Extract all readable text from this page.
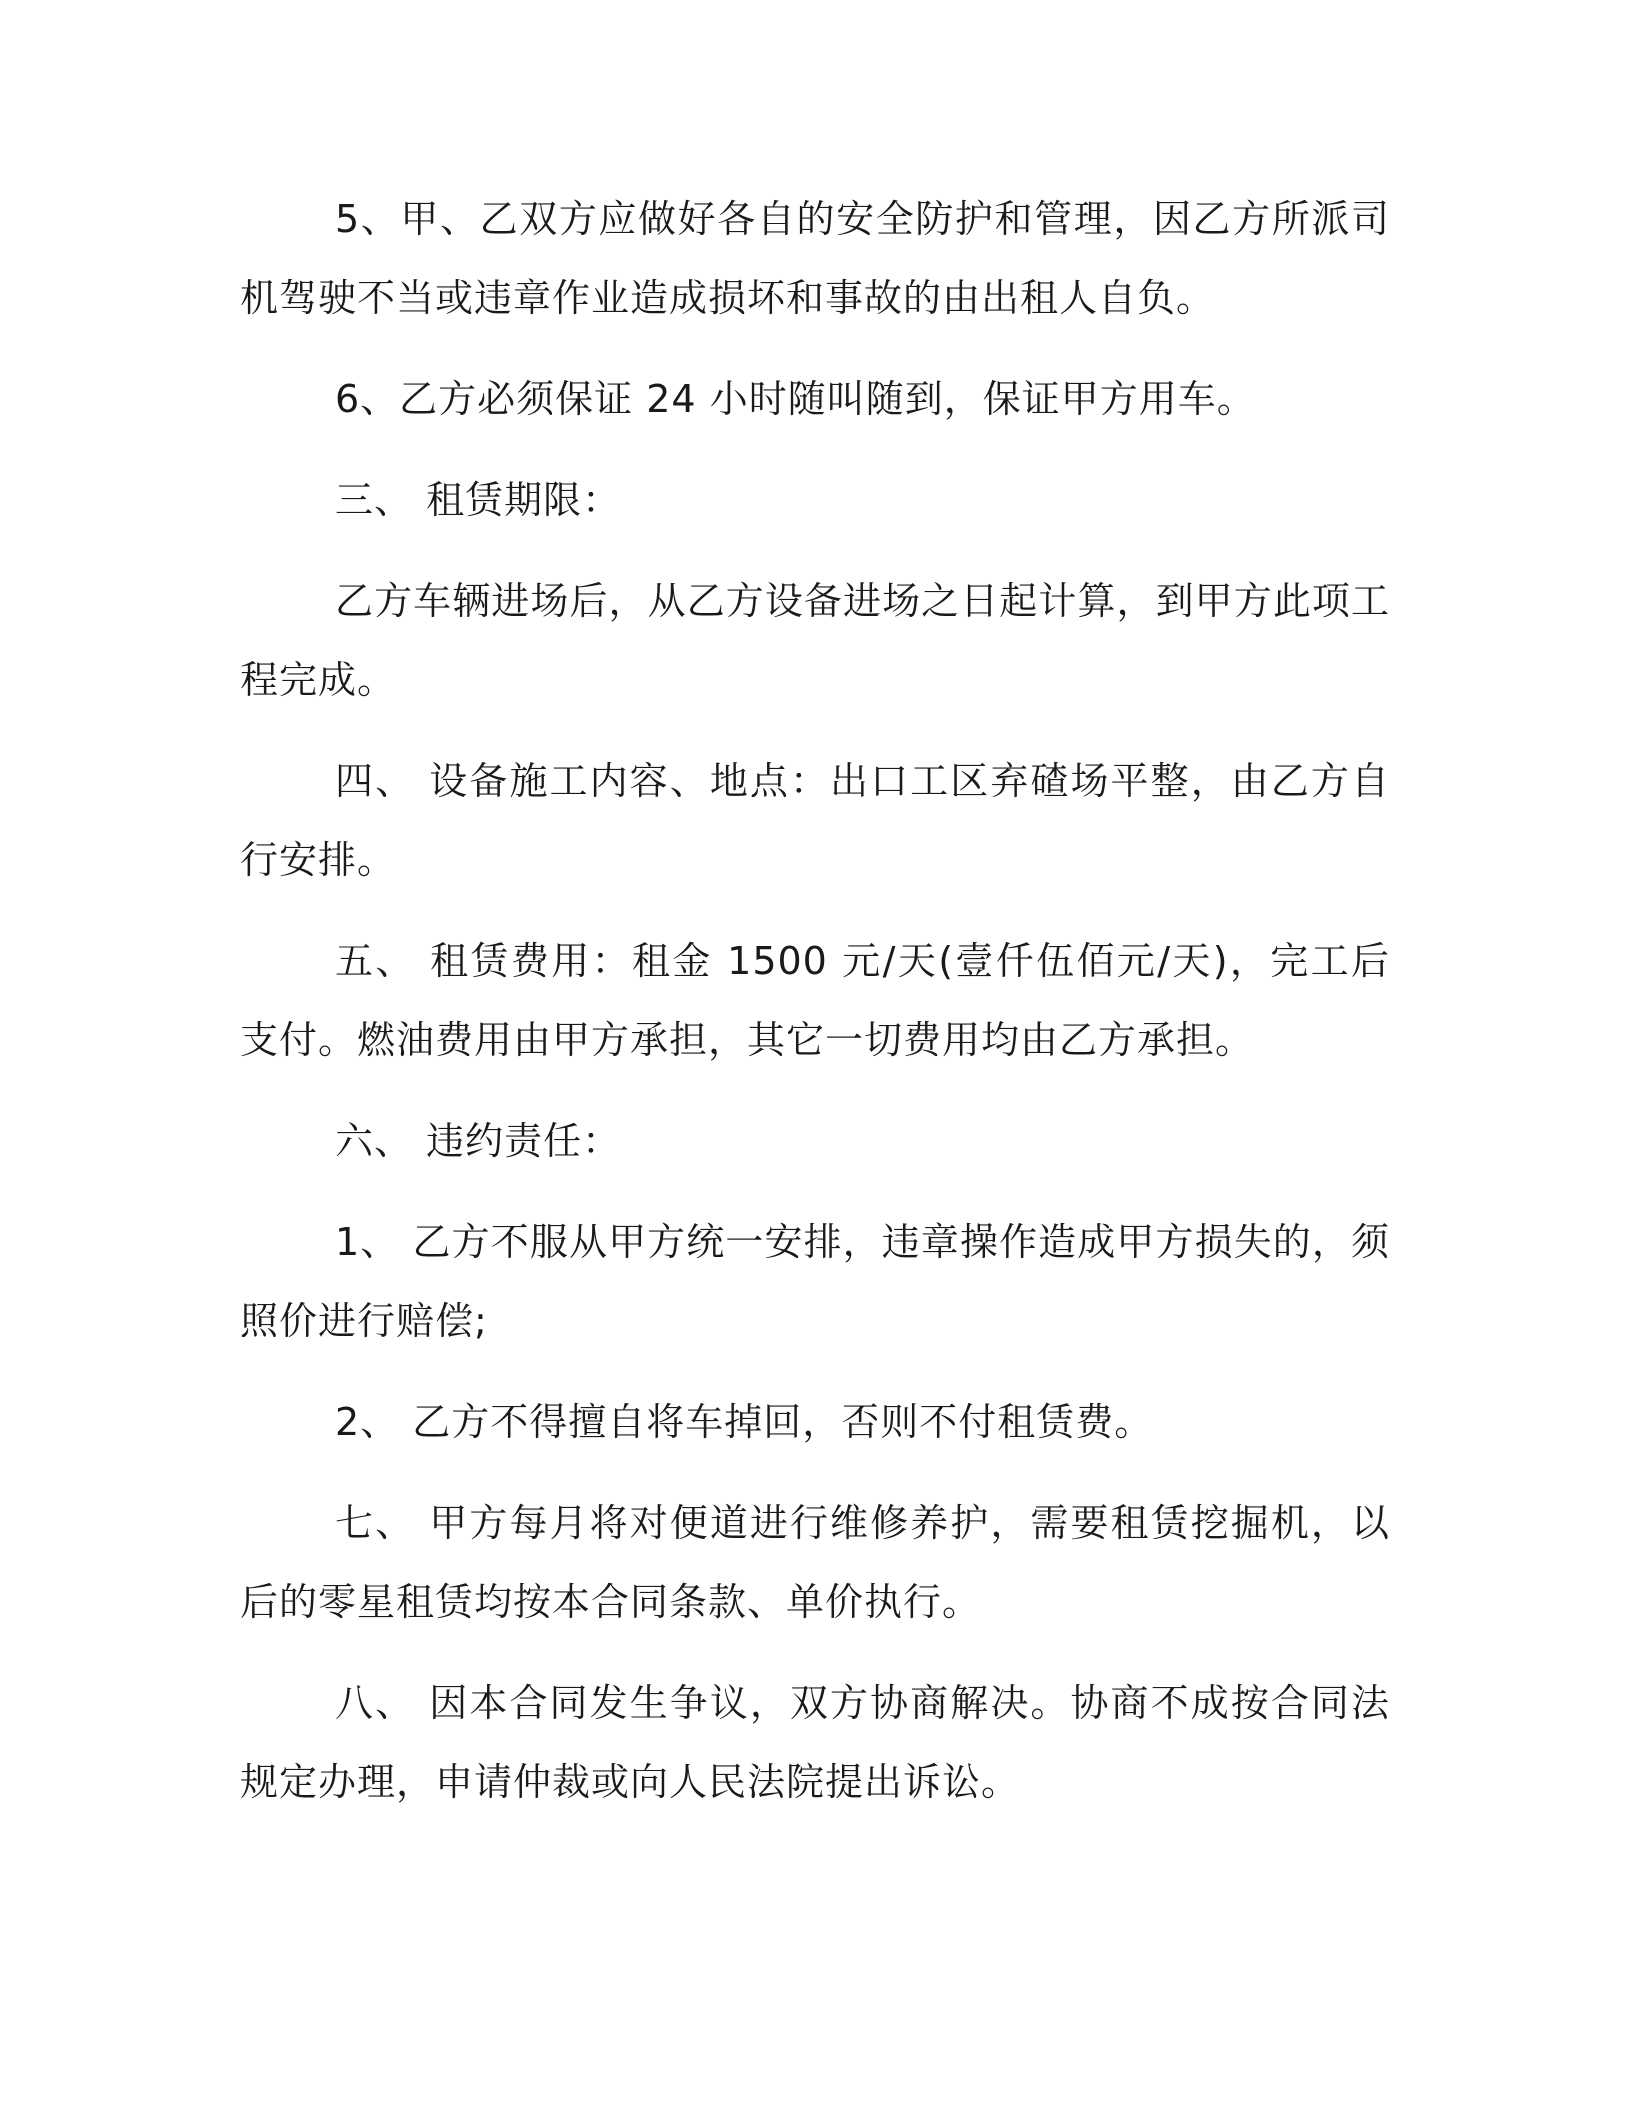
5、甲、乙双方应做好各自的安全防护和管理，因乙方所派司机驾驶不当或违章作业造成损坏和事故的由出租人自负。

6、乙方必须保证 24 小时随叫随到，保证甲方用车。

三、 租赁期限：

乙方车辆进场后，从乙方设备进场之日起计算，到甲方此项工程完成。

四、 设备施工内容、地点：出口工区弃碴场平整，由乙方自行安排。

五、 租赁费用：租金 1500 元/天(壹仟伍佰元/天)，完工后支付。燃油费用由甲方承担，其它一切费用均由乙方承担。

六、 违约责任：

1、 乙方不服从甲方统一安排，违章操作造成甲方损失的，须照价进行赔偿;

2、 乙方不得擅自将车掉回，否则不付租赁费。

七、 甲方每月将对便道进行维修养护，需要租赁挖掘机，以后的零星租赁均按本合同条款、单价执行。

八、 因本合同发生争议，双方协商解决。协商不成按合同法规定办理，申请仲裁或向人民法院提出诉讼。
